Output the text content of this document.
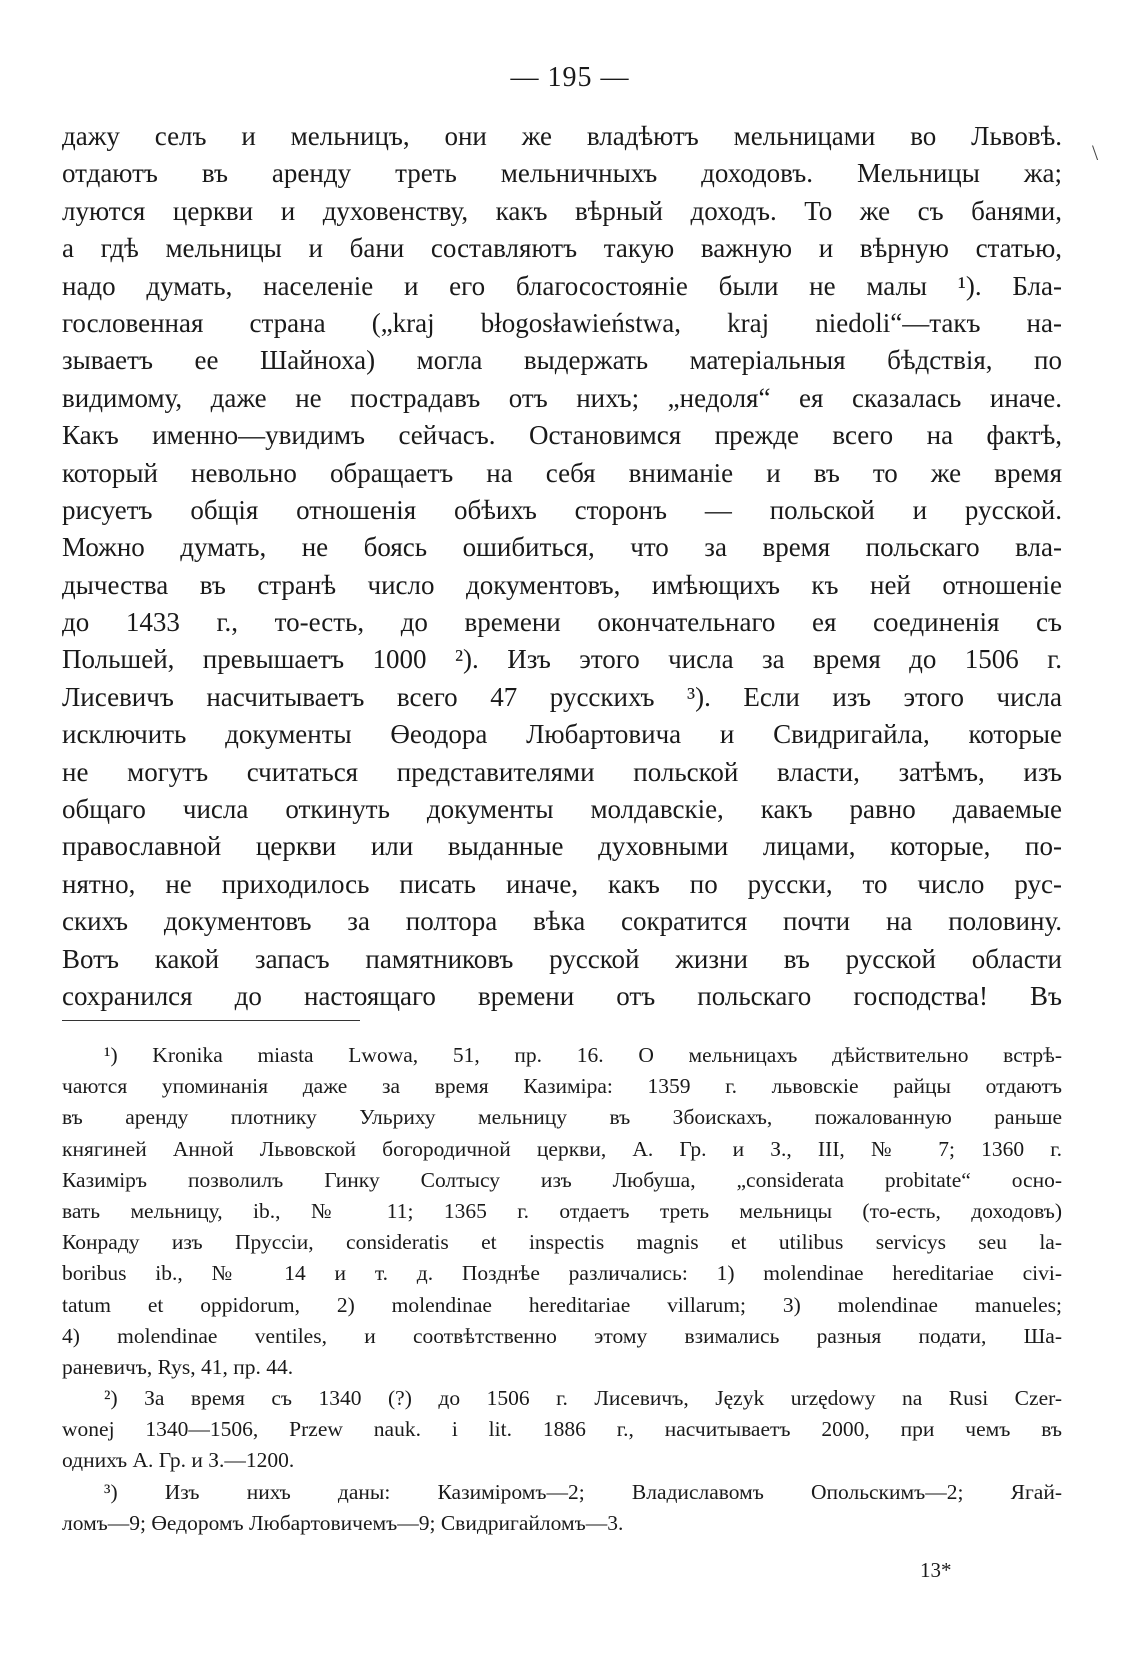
— 195 —
\
дажу селъ и мельницъ, они же владѣютъ мельницами во Львовѣ.
отдаютъ въ аренду треть мельничныхъ доходовъ. Мельницы жа;
луются церкви и духовенству, какъ вѣрный доходъ. То же съ банями,
а гдѣ мельницы и бани составляютъ такую важную и вѣрную статью,
надо думать, населеніе и его благосостояніе были не малы ¹). Бла-
гословенная страна („kraj błogosławieństwa, kraj niedoli“—такъ на-
зываетъ ее Шайноха) могла выдержать матеріальныя бѣдствія, по
видимому, даже не пострадавъ отъ нихъ; „недоля“ ея сказалась иначе.
Какъ именно—увидимъ сейчасъ. Остановимся прежде всего на фактѣ,
который невольно обращаетъ на себя вниманіе и въ то же время
рисуетъ общія отношенія обѣихъ сторонъ — польской и русской.
Можно думать, не боясь ошибиться, что за время польскаго вла-
дычества въ странѣ число документовъ, имѣющихъ къ ней отношеніе
до 1433 г., то-есть, до времени окончательнаго ея соединенія съ
Польшей, превышаетъ 1000 ²). Изъ этого числа за время до 1506 г.
Лисевичъ насчитываетъ всего 47 русскихъ ³). Если изъ этого числа
исключить документы Өеодора Любартовича и Свидригайла, которые
не могутъ считаться представителями польской власти, затѣмъ, изъ
общаго числа откинуть документы молдавскіе, какъ равно даваемые
православной церкви или выданные духовными лицами, которые, по-
нятно, не приходилось писать иначе, какъ по русски, то число рус-
скихъ документовъ за полтора вѣка сократится почти на половину.
Вотъ какой запасъ памятниковъ русской жизни въ русской области
сохранился до настоящаго времени отъ польскаго господства! Въ
¹) Kronika miasta Lwowa, 51, пр. 16. О мельницахъ дѣйствительно встрѣ-
чаются упоминанія даже за время Казиміра: 1359 г. львовскіе райцы отдаютъ
въ аренду плотнику Ульриху мельницу въ Збоискахъ, пожалованную раньше
княгиней Анной Львовской богородичной церкви, А. Гр. и З., III, № 7; 1360 г.
Казиміръ позволилъ Гинку Солтысу изъ Любуша, „considerata probitate“ осно-
вать мельницу, ib., № 11; 1365 г. отдаетъ треть мельницы (то-есть, доходовъ)
Конраду изъ Пруссіи, consideratis et inspectis magnis et utilibus serviсуs seu la-
boribus ib., № 14 и т. д. Позднѣе различались: 1) molendinae hereditariae civi-
tatum et oppidorum, 2) molendinae hereditariae villarum; 3) molendinae manueles;
4) molendinae ventiles, и соотвѣтственно этому взимались разныя подати, Ша-
раневичъ, Rys, 41, пр. 44.
²) За время съ 1340 (?) до 1506 г. Лисевичъ, Język urzędowy na Rusi Czer-
wonej 1340—1506, Przew nauk. i lit. 1886 г., насчитываетъ 2000, при чемъ въ
однихъ А. Гр. и З.—1200.
³) Изъ нихъ даны: Казиміромъ—2; Владиславомъ Опольскимъ—2; Ягай-
ломъ—9; Өедоромъ Любартовичемъ—9; Свидригайломъ—3.
13*
